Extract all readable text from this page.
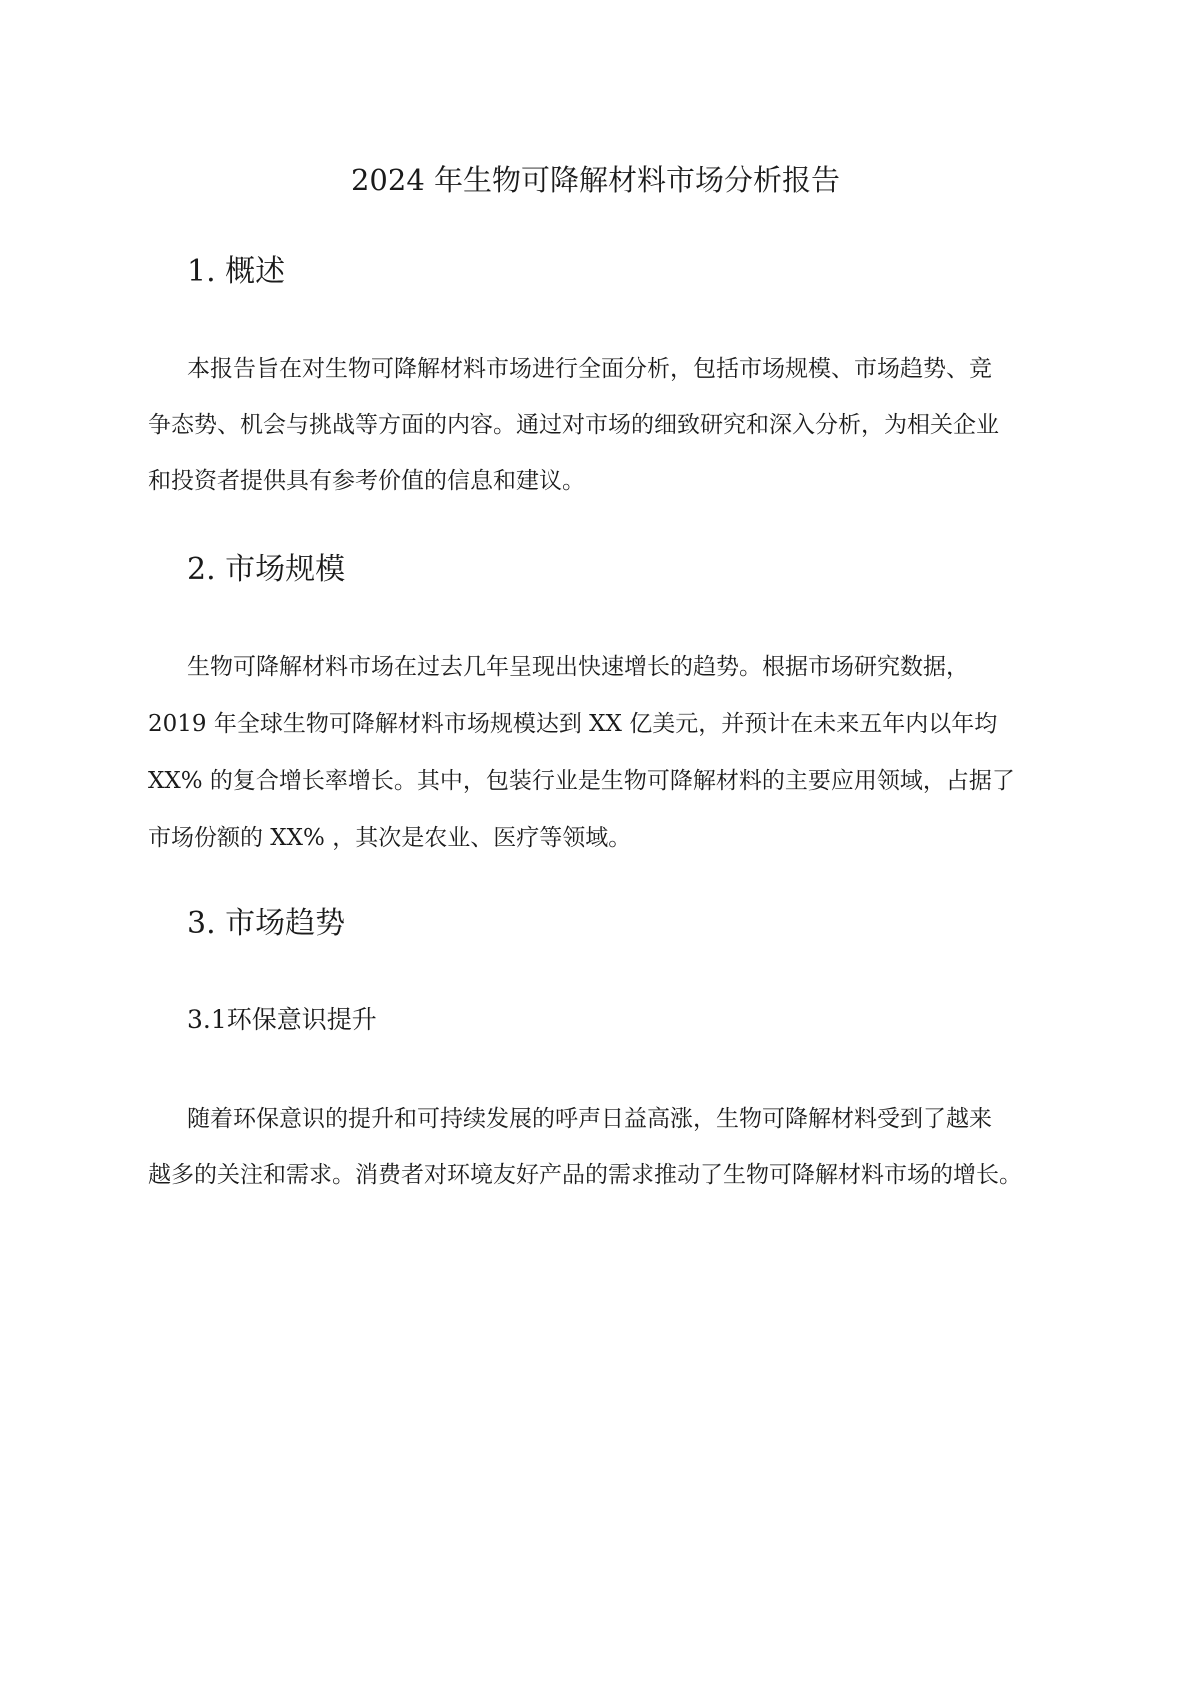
2024 年生物可降解材料市场分析报告
1. 概述

本报告旨在对生物可降解材料市场进行全面分析，包括市场规模、市场趋势、竞

争态势、机会与挑战等方面的内容。通过对市场的细致研究和深入分析，为相关企业

和投资者提供具有参考价值的信息和建议。

2. 市场规模

生物可降解材料市场在过去几年呈现出快速增长的趋势。根据市场研究数据，

2019 年全球生物可降解材料市场规模达到 XX 亿美元，并预计在未来五年内以年均

XX% 的复合增长率增长。其中，包装行业是生物可降解材料的主要应用领域，占据了

市场份额的 XX% ，其次是农业、医疗等领域。

3. 市场趋势
3.1环保意识提升

随着环保意识的提升和可持续发展的呼声日益高涨，生物可降解材料受到了越来

越多的关注和需求。消费者对环境友好产品的需求推动了生物可降解材料市场的增长。
